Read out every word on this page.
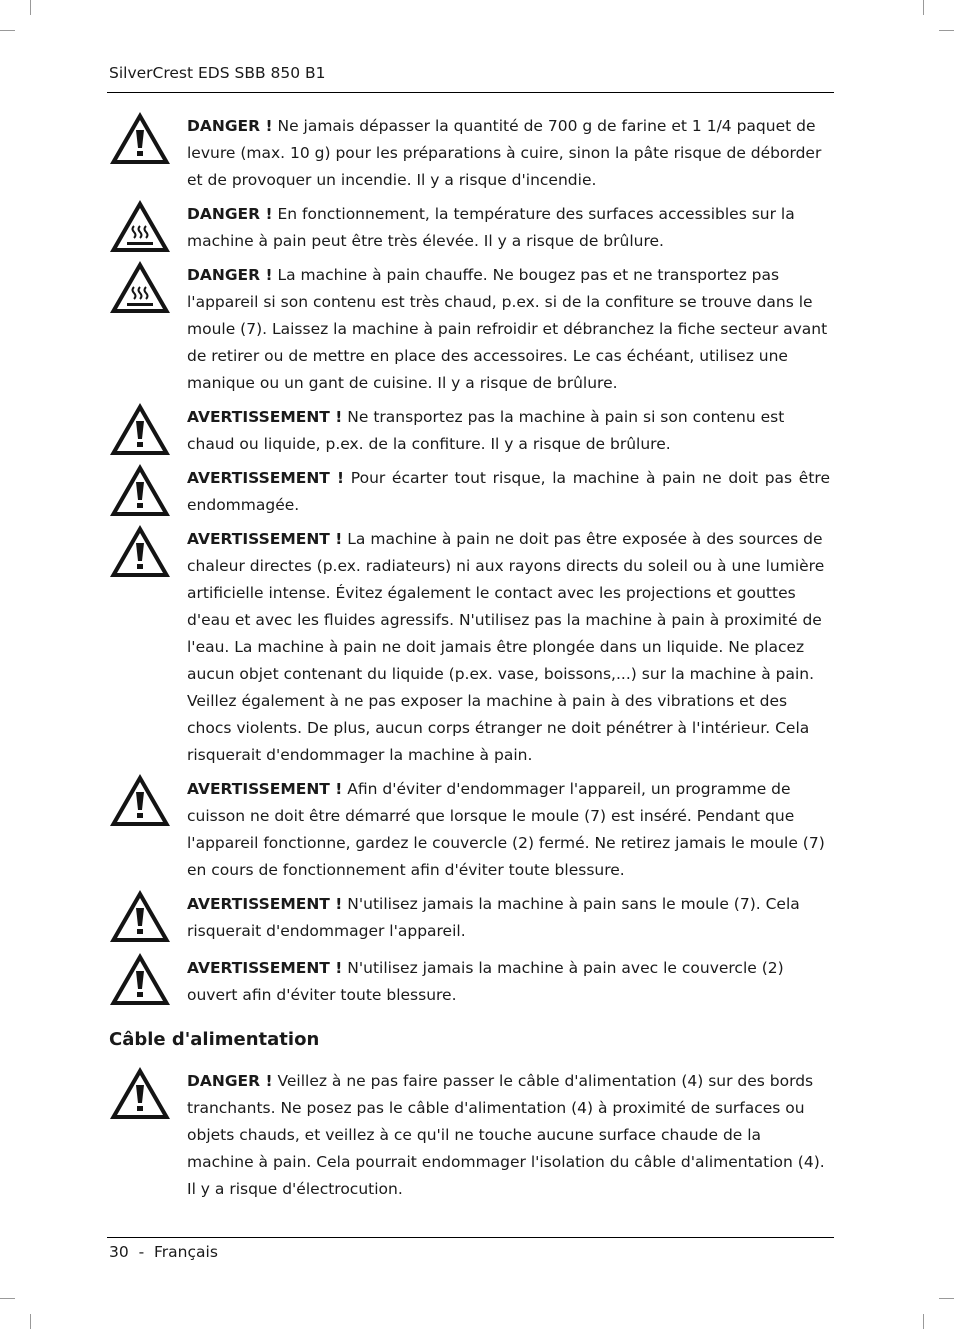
SilverCrest EDS SBB 850 B1

DANGER ! Ne jamais dépasser la quantité de 700 g de farine et 1 1/4 paquet de levure (max. 10 g) pour les préparations à cuire, sinon la pâte risque de déborder et de provoquer un incendie. Il y a risque d'incendie.

DANGER ! En fonctionnement, la température des surfaces accessibles sur la machine à pain peut être très élevée. Il y a risque de brûlure.

DANGER ! La machine à pain chauffe. Ne bougez pas et ne transportez pas l'appareil si son contenu est très chaud, p.ex. si de la confiture se trouve dans le moule (7). Laissez la machine à pain refroidir et débranchez la fiche secteur avant de retirer ou de mettre en place des accessoires. Le cas échéant, utilisez une manique ou un gant de cuisine. Il y a risque de brûlure.

AVERTISSEMENT ! Ne transportez pas la machine à pain si son contenu est chaud ou liquide, p.ex. de la confiture. Il y a risque de brûlure.

AVERTISSEMENT ! Pour écarter tout risque, la machine à pain ne doit pas être endommagée.

AVERTISSEMENT ! La machine à pain ne doit pas être exposée à des sources de chaleur directes (p.ex. radiateurs) ni aux rayons directs du soleil ou à une lumière artificielle intense. Évitez également le contact avec les projections et gouttes d'eau et avec les fluides agressifs. N'utilisez pas la machine à pain à proximité de l'eau. La machine à pain ne doit jamais être plongée dans un liquide. Ne placez aucun objet contenant du liquide (p.ex. vase, boissons,...) sur la machine à pain. Veillez également à ne pas exposer la machine à pain à des vibrations et des chocs violents. De plus, aucun corps étranger ne doit pénétrer à l'intérieur. Cela risquerait d'endommager la machine à pain.

AVERTISSEMENT ! Afin d'éviter d'endommager l'appareil, un programme de cuisson ne doit être démarré que lorsque le moule (7) est inséré. Pendant que l'appareil fonctionne, gardez le couvercle (2) fermé. Ne retirez jamais le moule (7) en cours de fonctionnement afin d'éviter toute blessure.

AVERTISSEMENT ! N'utilisez jamais la machine à pain sans le moule (7). Cela risquerait d'endommager l'appareil.

AVERTISSEMENT ! N'utilisez jamais la machine à pain avec le couvercle (2) ouvert afin d'éviter toute blessure.

Câble d'alimentation

DANGER ! Veillez à ne pas faire passer le câble d'alimentation (4) sur des bords tranchants. Ne posez pas le câble d'alimentation (4) à proximité de surfaces ou objets chauds, et veillez à ce qu'il ne touche aucune surface chaude de la machine à pain. Cela pourrait endommager l'isolation du câble d'alimentation (4). Il y a risque d'électrocution.

30  -  Français
